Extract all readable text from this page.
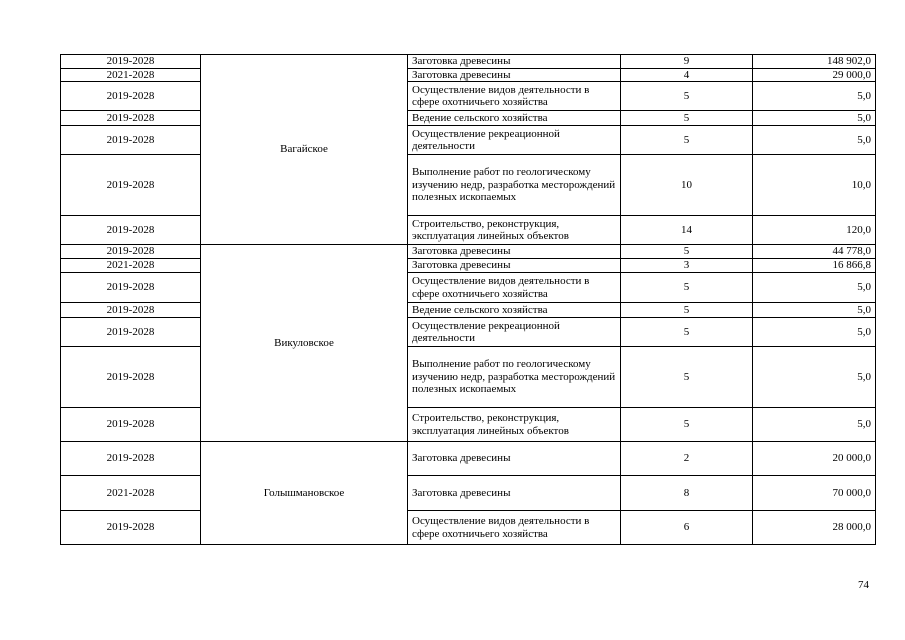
2019-2028	Вагайское	Заготовка древесины	9	148 902,0
2021-2028		Заготовка древесины	4	29 000,0
2019-2028		Осуществление видов деятельности в сфере охотничьего хозяйства	5	5,0
2019-2028		Ведение сельского хозяйства	5	5,0
2019-2028		Осуществление рекреационной деятельности	5	5,0
2019-2028		Выполнение работ по геологическому изучению недр, разработка месторождений полезных ископаемых	10	10,0
2019-2028		Строительство, реконструкция, эксплуатация линейных объектов	14	120,0
2019-2028	Викуловское	Заготовка древесины	5	44 778,0
2021-2028		Заготовка древесины	3	16 866,8
2019-2028		Осуществление видов деятельности в сфере охотничьего хозяйства	5	5,0
2019-2028		Ведение сельского хозяйства	5	5,0
2019-2028		Осуществление рекреационной деятельности	5	5,0
2019-2028		Выполнение работ по геологическому изучению недр, разработка месторождений полезных ископаемых	5	5,0
2019-2028		Строительство, реконструкция, эксплуатация линейных объектов	5	5,0
2019-2028	Голышмановское	Заготовка древесины	2	20 000,0
2021-2028		Заготовка древесины	8	70 000,0
2019-2028		Осуществление видов деятельности в сфере охотничьего хозяйства	6	28 000,0
74
